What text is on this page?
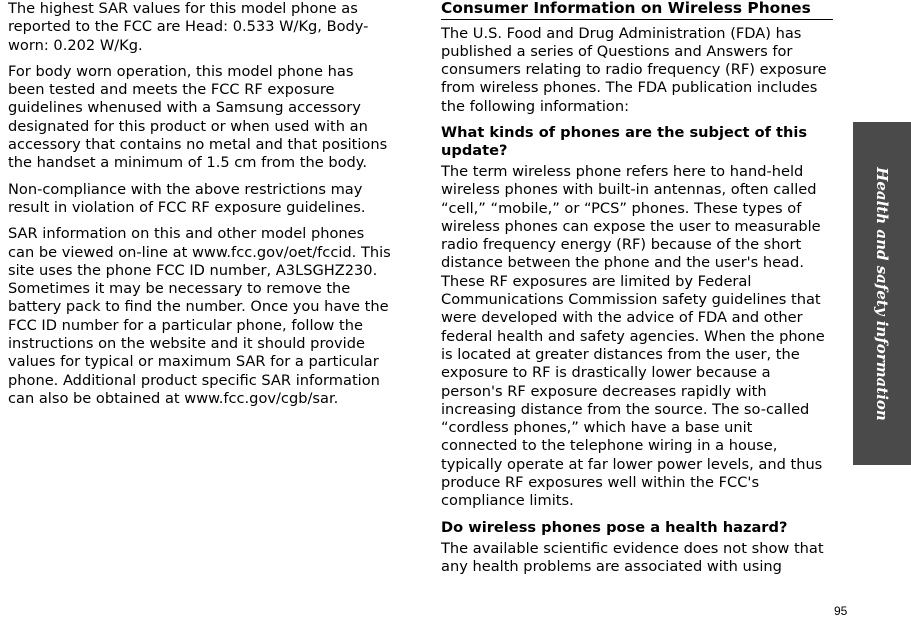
The highest SAR values for this model phone as reported to the FCC are Head: 0.533 W/Kg, Body-worn: 0.202 W/Kg.

For body worn operation, this model phone has been tested and meets the FCC RF exposure guidelines whenused with a Samsung accessory designated for this product or when used with an accessory that contains no metal and that positions the handset a minimum of 1.5 cm from the body.

Non-compliance with the above restrictions may result in violation of FCC RF exposure guidelines.

SAR information on this and other model phones can be viewed on-line at www.fcc.gov/oet/fccid. This site uses the phone FCC ID number, A3LSGHZ230. Sometimes it may be necessary to remove the battery pack to find the number. Once you have the FCC ID number for a particular phone, follow the instructions on the website and it should provide values for typical or maximum SAR for a particular phone. Additional product specific SAR information can also be obtained at www.fcc.gov/cgb/sar.

Consumer Information on Wireless Phones

The U.S. Food and Drug Administration (FDA) has published a series of Questions and Answers for consumers relating to radio frequency (RF) exposure from wireless phones. The FDA publication includes the following information:

What kinds of phones are the subject of this update?

The term wireless phone refers here to hand-held wireless phones with built-in antennas, often called “cell,” “mobile,” or “PCS” phones. These types of wireless phones can expose the user to measurable radio frequency energy (RF) because of the short distance between the phone and the user's head. These RF exposures are limited by Federal Communications Commission safety guidelines that were developed with the advice of FDA and other federal health and safety agencies. When the phone is located at greater distances from the user, the exposure to RF is drastically lower because a person's RF exposure decreases rapidly with increasing distance from the source. The so-called “cordless phones,” which have a base unit connected to the telephone wiring in a house, typically operate at far lower power levels, and thus produce RF exposures well within the FCC's compliance limits.

Do wireless phones pose a health hazard?

The available scientific evidence does not show that any health problems are associated with using

Health and safety information
95
